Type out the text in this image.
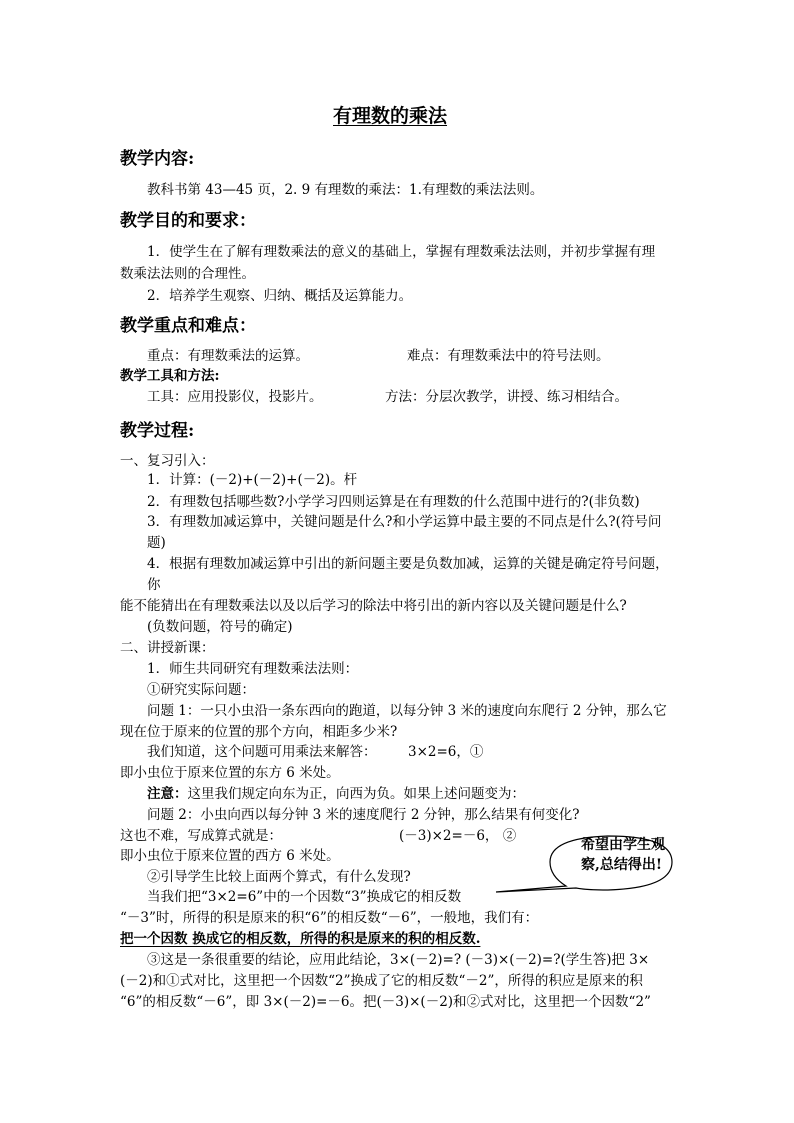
有理数的乘法
教学内容:
教科书第 43—45 页，2. 9 有理数的乘法：1.有理数的乘法法则。
教学目的和要求：
1．使学生在了解有理数乘法的意义的基础上，掌握有理数乘法法则，并初步掌握有理
数乘法法则的合理性。
2．培养学生观察、归纳、概括及运算能力。
教学重点和难点：
重点：有理数乘法的运算。	难点：有理数乘法中的符号法则。
教学工具和方法:
工具：应用投影仪，投影片。	方法：分层次教学，讲授、练习相结合。
教学过程:
一、复习引入：
1．计算：(－2)+(－2)+(－2)。杆
2．有理数包括哪些数?小学学习四则运算是在有理数的什么范围中进行的?(非负数)
3．有理数加减运算中，关键问题是什么?和小学运算中最主要的不同点是什么?(符号问
题)
4．根据有理数加减运算中引出的新问题主要是负数加减，运算的关键是确定符号问题，
你
能不能猜出在有理数乘法以及以后学习的除法中将引出的新内容以及关键问题是什么?
(负数问题，符号的确定)
二、讲授新课：
1．师生共同研究有理数乘法法则：
①研究实际问题：
问题 1：一只小虫沿一条东西向的跑道，以每分钟 3 米的速度向东爬行 2 分钟，那么它
现在位于原来的位置的那个方向，相距多少米?
我们知道，这个问题可用乘法来解答： 3×2=6，①
即小虫位于原来位置的东方 6 米处。
注意：这里我们规定向东为正，向西为负。如果上述问题变为：
问题 2：小虫向西以每分钟 3 米的速度爬行 2 分钟，那么结果有何变化?
这也不难，写成算式就是：	(－3)×2=－6， ②
即小虫位于原来位置的西方 6 米处。
②引导学生比较上面两个算式，有什么发现?
当我们把“3×2=6”中的一个因数“3”换成它的相反数
“－3”时，所得的积是原来的积“6”的相反数“－6”，一般地，我们有：
把一个因数 换成它的相反数，所得的积是原来的积的相反数.
③这是一条很重要的结论，应用此结论，3×(－2)=? (－3)×(－2)=?(学生答)把 3×
(－2)和①式对比，这里把一个因数“2”换成了它的相反数“－2”，所得的积应是原来的积
“6”的相反数“－6”，即 3×(－2)=－6。把(－3)×(－2)和②式对比，这里把一个因数“2”
希望由学生观
察,总结得出!
